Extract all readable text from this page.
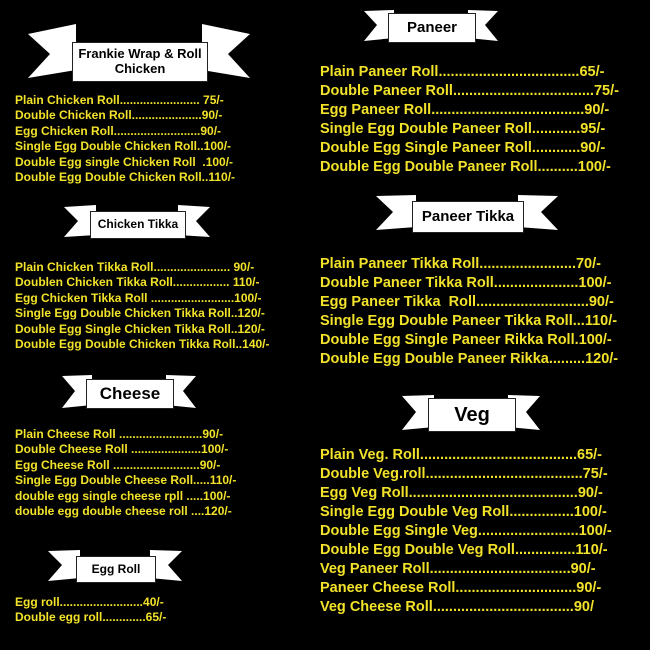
Frankie Wrap & Roll
Chicken
Plain Chicken Roll........................ 75/-
Double Chicken Roll.....................90/-
Egg Chicken Roll..........................90/-
Single Egg Double Chicken Roll..100/-
Double Egg single Chicken Roll  .100/-
Double Egg Double Chicken Roll..110/-
Chicken Tikka
Plain Chicken Tikka Roll....................... 90/-
Doublen Chicken Tikka Roll................. 110/-
Egg Chicken Tikka Roll .........................100/-
Single Egg Double Chicken Tikka Roll..120/-
Double Egg Single Chicken Tikka Roll..120/-
Double Egg Double Chicken Tikka Roll..140/-
Cheese
Plain Cheese Roll .........................90/-
Double Cheese Roll .....................100/-
Egg Cheese Roll ..........................90/-
Single Egg Double Cheese Roll.....110/-
double egg single cheese rpll .....100/-
double egg double cheese roll ....120/-
Egg Roll
Egg roll.........................40/-
Double egg roll.............65/-
Paneer
Plain Paneer Roll...................................65/-
Double Paneer Roll...................................75/-
Egg Paneer Roll......................................90/-
Single Egg Double Paneer Roll............95/-
Double Egg Single Paneer Roll............90/-
Double Egg Double Paneer Roll..........100/-
Paneer Tikka
Plain Paneer Tikka Roll........................70/-
Double Paneer Tikka Roll.....................100/-
Egg Paneer Tikka  Roll............................90/-
Single Egg Double Paneer Tikka Roll...110/-
Double Egg Single Paneer Rikka Roll.100/-
Double Egg Double Paneer Rikka.........120/-
Veg
Plain Veg. Roll.......................................65/-
Double Veg.roll.......................................75/-
Egg Veg Roll..........................................90/-
Single Egg Double Veg Roll................100/-
Double Egg Single Veg.........................100/-
Double Egg Double Veg Roll...............110/-
Veg Paneer Roll...................................90/-
Paneer Cheese Roll..............................90/-
Veg Cheese Roll...................................90/
